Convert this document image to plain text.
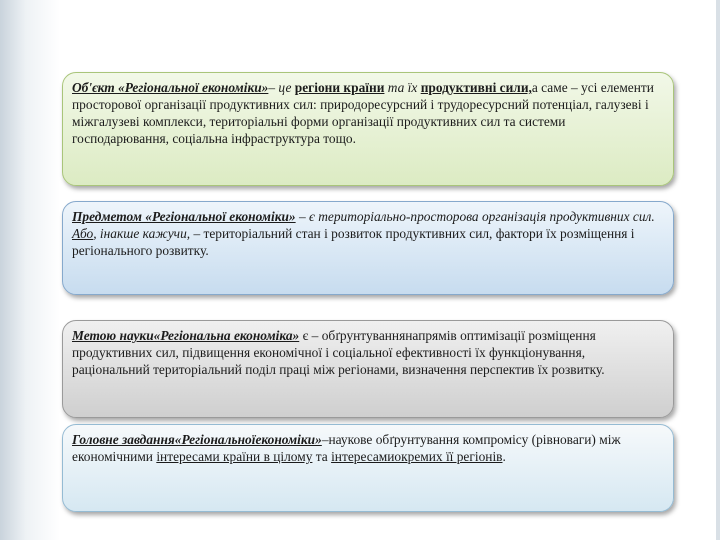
Об'єкт «Регіональної економіки»– це регіони країни та їх продуктивні сили,а саме – усі елементи просторової організації продуктивних сил: природоресурсний і трудоресурсний потенціал, галузеві і міжгалузеві комплекси, територіальні форми організації продуктивних сил та системи господарювання, соціальна інфраструктура тощо.

Предметом «Регіональної економіки» – є територіально-просторова організація продуктивних сил. Або, інакше кажучи, – територіальний стан і розвиток продуктивних сил, фактори їх розміщення і регіонального розвитку.

Метою науки«Регіональна економіка» є – обґрунтуваннянапрямів оптимізації розміщення продуктивних сил, підвищення економічної і соціальної ефективності їх функціонування, раціональний територіальний поділ праці між регіонами, визначення перспектив їх розвитку.

Головне завдання«Регіональноїекономіки»–наукове обґрунтування компромісу (рівноваги) між економічними інтересами країни в цілому та інтересамиокремих її регіонів.
